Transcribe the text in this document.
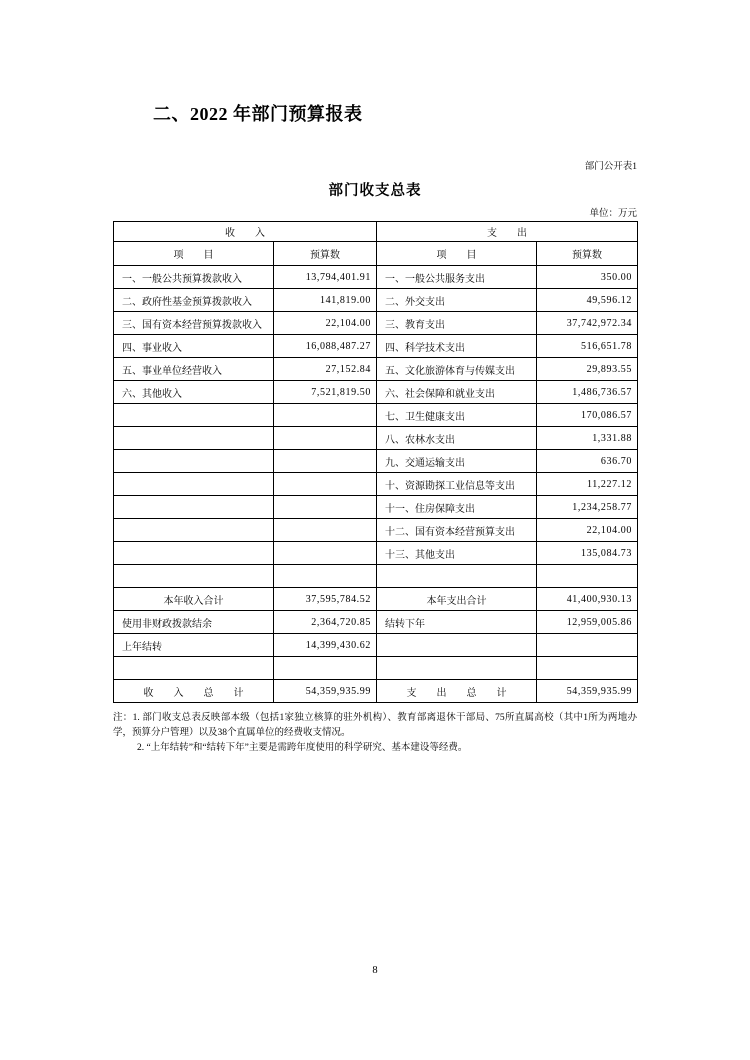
二、2022 年部门预算报表
部门公开表1
部门收支总表
单位：万元
收　　入		支　　出	
项　　目	预算数	项　　目	预算数
一、一般公共预算拨款收入	13,794,401.91	一、一般公共服务支出	350.00
二、政府性基金预算拨款收入	141,819.00	二、外交支出	49,596.12
三、国有资本经营预算拨款收入	22,104.00	三、教育支出	37,742,972.34
四、事业收入	16,088,487.27	四、科学技术支出	516,651.78
五、事业单位经营收入	27,152.84	五、文化旅游体育与传媒支出	29,893.55
六、其他收入	7,521,819.50	六、社会保障和就业支出	1,486,736.57
		七、卫生健康支出	170,086.57
		八、农林水支出	1,331.88
		九、交通运输支出	636.70
		十、资源勘探工业信息等支出	11,227.12
		十一、住房保障支出	1,234,258.77
		十二、国有资本经营预算支出	22,104.00
		十三、其他支出	135,084.73

本年收入合计	37,595,784.52	本年支出合计	41,400,930.13
使用非财政拨款结余	2,364,720.85	结转下年	12,959,005.86
上年结转	14,399,430.62		

收　　入　　总　　计	54,359,935.99	支　　出　　总　　计	54,359,935.99

注：1. 部门收支总表反映部本级（包括1家独立核算的驻外机构）、教育部离退休干部局、75所直属高校（其中1所为两地办学，预算分户管理）以及38个直属单位的经费收支情况。

2. “上年结转”和“结转下年”主要是需跨年度使用的科学研究、基本建设等经费。

8
